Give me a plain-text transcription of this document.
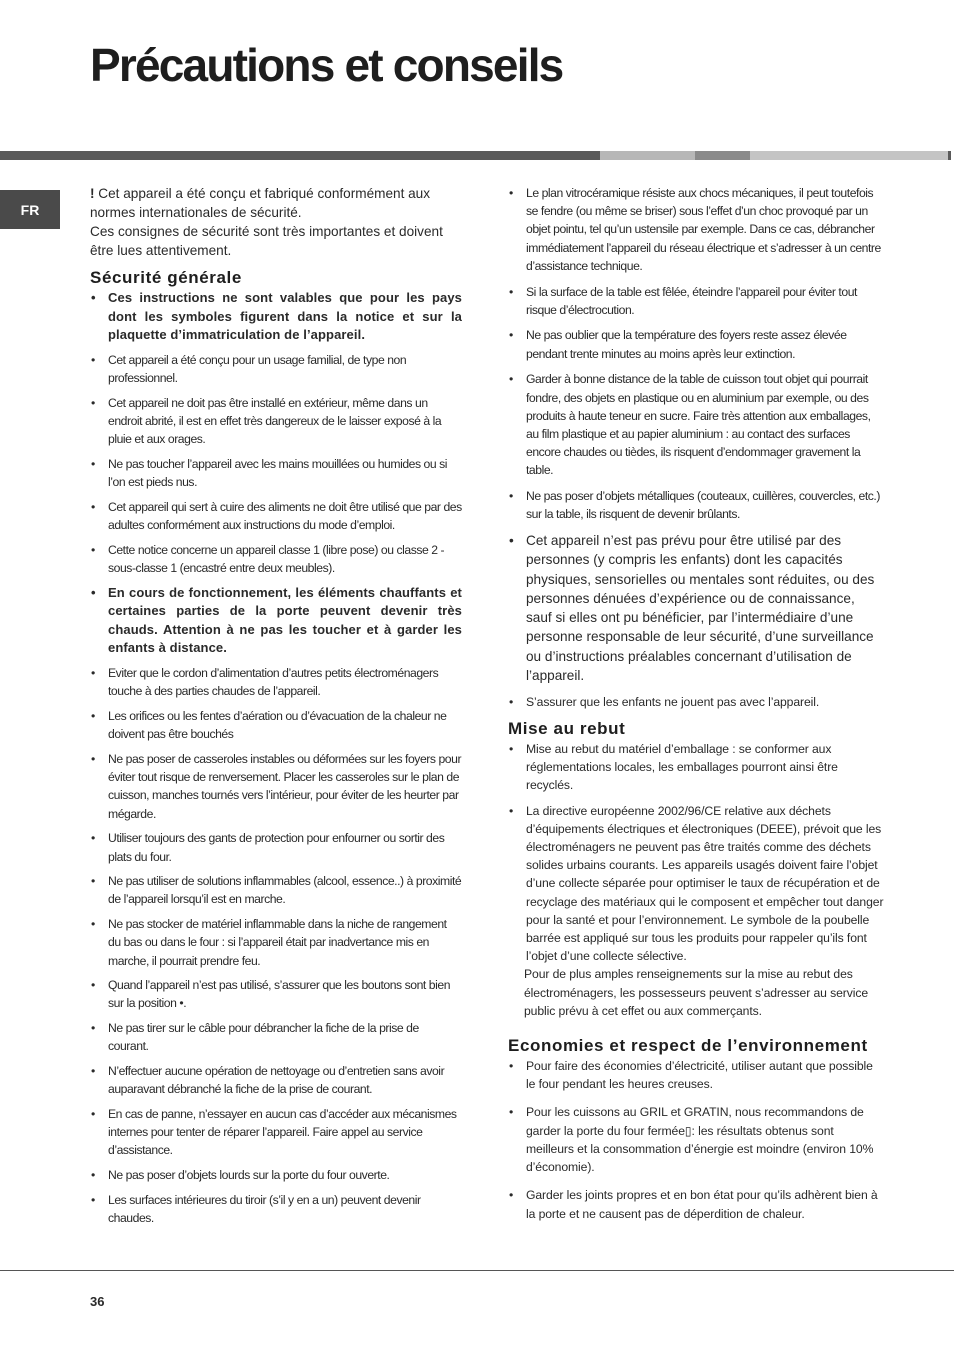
Précautions et conseils
FR

! Cet appareil a été conçu et fabriqué conformément aux normes internationales de sécurité.

Ces consignes de sécurité sont très importantes et doivent être lues attentivement.

Sécurité générale
• Ces instructions ne sont valables que pour les pays dont les symboles figurent dans la notice et sur la plaquette d’immatriculation de l’appareil.
• Cet appareil a été conçu pour un usage familial, de type non professionnel.
• Cet appareil ne doit pas être installé en extérieur, même dans un endroit abrité, il est en effet très dangereux de le laisser exposé à la pluie et aux orages.
• Ne pas toucher l’appareil avec les mains mouillées ou humides ou si l’on est pieds nus.
• Cet appareil qui sert à cuire des aliments ne doit être utilisé que par des adultes conformément aux instructions du mode d’emploi.
• Cette notice concerne un appareil classe 1 (libre pose) ou classe 2 - sous-classe 1 (encastré entre deux meubles).
• En cours de fonctionnement, les éléments chauffants et certaines parties de la porte peuvent devenir très chauds. Attention à ne pas les toucher et à garder les enfants à distance.
• Eviter que le cordon d’alimentation d’autres petits électroménagers touche à des parties chaudes de l’appareil.
• Les orifices ou les fentes d’aération ou d’évacuation de la chaleur ne doivent pas être bouchés
• Ne pas poser de casseroles instables ou déformées sur les foyers pour éviter tout risque de renversement. Placer les casseroles sur le plan de cuisson, manches tournés vers l’intérieur, pour éviter de les heurter par mégarde.
• Utiliser toujours des gants de protection pour enfourner ou sortir des plats du four.
• Ne pas utiliser de solutions inflammables (alcool, essence..) à proximité de l’appareil lorsqu’il est en marche.
• Ne pas stocker de matériel inflammable dans la niche de rangement du bas ou dans le four : si l’appareil était par inadvertance mis en marche, il pourrait prendre feu.
• Quand l’appareil n’est pas utilisé, s’assurer que les boutons sont bien sur la position •.
• Ne pas tirer sur le câble pour débrancher la fiche de la prise de courant.
• N’effectuer aucune opération de nettoyage ou d’entretien sans avoir auparavant débranché la fiche de la prise de courant.
• En cas de panne, n’essayer en aucun cas d’accéder aux mécanismes internes pour tenter de réparer l’appareil. Faire appel au service d’assistance.
• Ne pas poser d’objets lourds sur la porte du four ouverte.
• Les surfaces intérieures du tiroir (s’il y en a un) peuvent devenir chaudes.
• Le plan vitrocéramique résiste aux chocs mécaniques, il peut toutefois se fendre (ou même se briser) sous l’effet d’un choc provoqué par un objet pointu, tel qu’un ustensile par exemple. Dans ce cas, débrancher immédiatement l’appareil du réseau électrique et s’adresser à un centre d’assistance technique.
• Si la surface de la table est fêlée, éteindre l’appareil pour éviter tout risque d’électrocution.
• Ne pas oublier que la température des foyers reste assez élevée pendant trente minutes au moins après leur extinction.
• Garder à bonne distance de la table de cuisson tout objet qui pourrait fondre, des objets en plastique ou en aluminium par exemple, ou des produits à haute teneur en sucre. Faire très attention aux emballages, au film plastique et au papier aluminium : au contact des surfaces encore chaudes ou tièdes, ils risquent d’endommager gravement la table.
• Ne pas poser d’objets métalliques (couteaux, cuillères, couvercles, etc.) sur la table, ils risquent de devenir brûlants.
• Cet appareil n’est pas prévu pour être utilisé par des personnes (y compris les enfants) dont les capacités physiques, sensorielles ou mentales sont réduites, ou des personnes dénuées d’expérience ou de connaissance, sauf si elles ont pu bénéficier, par l’intermédiaire d’une personne responsable de leur sécurité, d’une surveillance ou d’instructions préalables concernant d’utilisation de l’appareil.
• S’assurer que les enfants ne jouent pas avec l’appareil.
Mise au rebut
• Mise au rebut du matériel d’emballage : se conformer aux réglementations locales, les emballages pourront ainsi être recyclés.
• La directive européenne 2002/96/CE relative aux déchets d’équipements électriques et électroniques (DEEE), prévoit que les électroménagers ne peuvent pas être traités comme des déchets solides urbains courants. Les appareils usagés doivent faire l’objet d’une collecte séparée pour optimiser le taux de récupération et de recyclage des matériaux qui le composent et empêcher tout danger pour la santé et pour l’environnement. Le symbole de la poubelle barrée est appliqué sur tous les produits pour rappeler qu’ils font l’objet d’une collecte sélective.
Pour de plus amples renseignements sur la mise au rebut des électroménagers, les possesseurs peuvent s’adresser au service public prévu à cet effet ou aux commerçants.
Economies et respect de l’environnement
• Pour faire des économies d’électricité, utiliser autant que possible le four pendant les heures creuses.
• Pour les cuissons au GRIL et GRATIN, nous recommandons de garder la porte du four fermée▯: les résultats obtenus sont meilleurs et la consommation d’énergie est moindre (environ 10% d’économie).
• Garder les joints propres et en bon état pour qu’ils adhèrent bien à la porte et ne causent pas de déperdition de chaleur.
36
